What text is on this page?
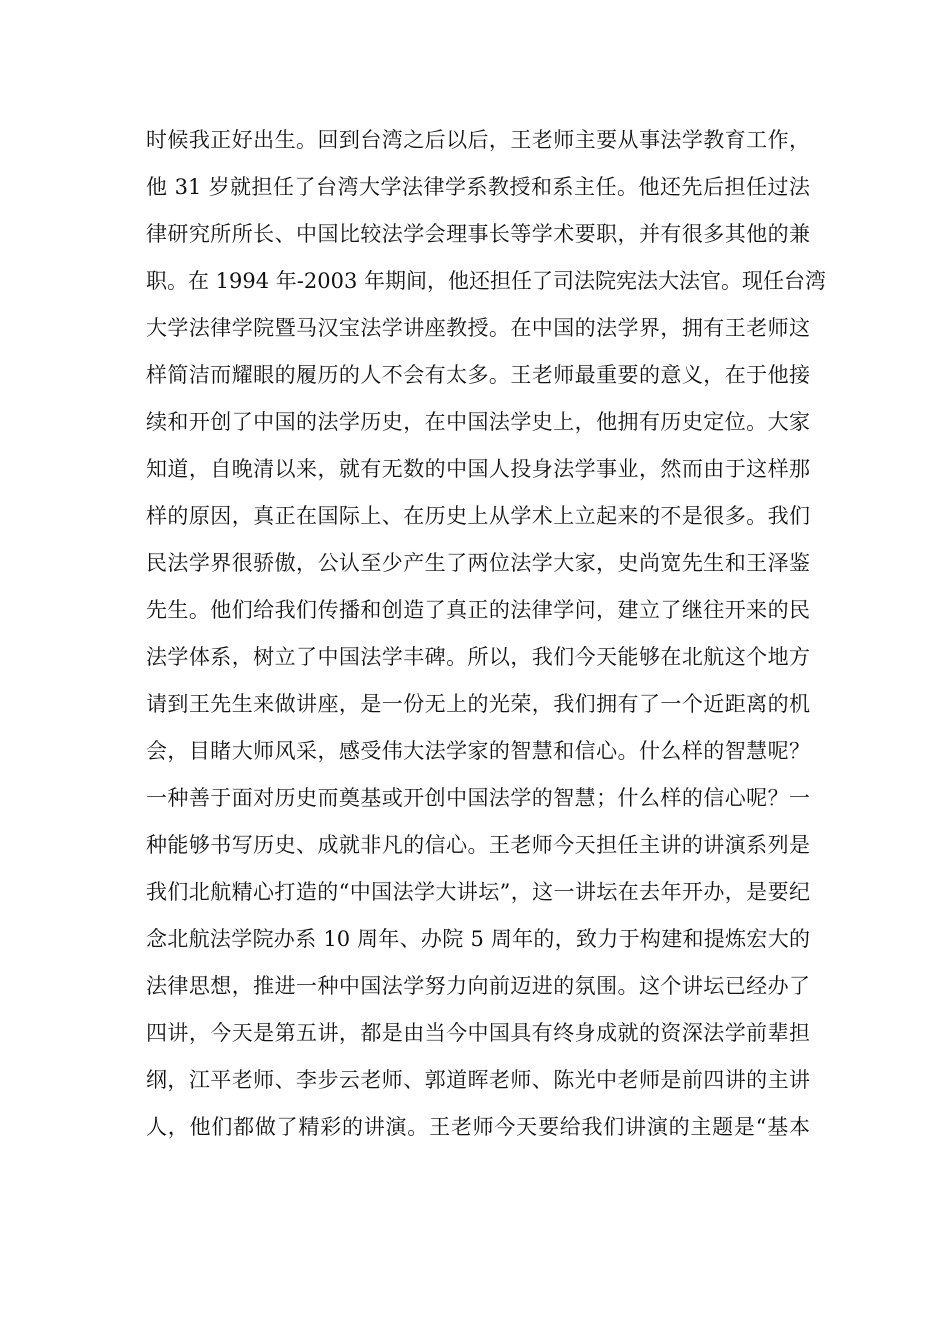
时候我正好出生。回到台湾之后以后，王老师主要从事法学教育工作，
他 31 岁就担任了台湾大学法律学系教授和系主任。他还先后担任过法
律研究所所长、中国比较法学会理事长等学术要职，并有很多其他的兼
职。在 1994 年-2003 年期间，他还担任了司法院宪法大法官。现任台湾
大学法律学院暨马汉宝法学讲座教授。在中国的法学界，拥有王老师这
样简洁而耀眼的履历的人不会有太多。王老师最重要的意义，在于他接
续和开创了中国的法学历史，在中国法学史上，他拥有历史定位。大家
知道，自晚清以来，就有无数的中国人投身法学事业，然而由于这样那
样的原因，真正在国际上、在历史上从学术上立起来的不是很多。我们
民法学界很骄傲，公认至少产生了两位法学大家，史尚宽先生和王泽鉴
先生。他们给我们传播和创造了真正的法律学问，建立了继往开来的民
法学体系，树立了中国法学丰碑。所以，我们今天能够在北航这个地方
请到王先生来做讲座，是一份无上的光荣，我们拥有了一个近距离的机
会，目睹大师风采，感受伟大法学家的智慧和信心。什么样的智慧呢？
一种善于面对历史而奠基或开创中国法学的智慧；什么样的信心呢？一
种能够书写历史、成就非凡的信心。王老师今天担任主讲的讲演系列是
我们北航精心打造的“中国法学大讲坛”，这一讲坛在去年开办，是要纪
念北航法学院办系 10 周年、办院 5 周年的，致力于构建和提炼宏大的
法律思想，推进一种中国法学努力向前迈进的氛围。这个讲坛已经办了
四讲，今天是第五讲，都是由当今中国具有终身成就的资深法学前辈担
纲，江平老师、李步云老师、郭道晖老师、陈光中老师是前四讲的主讲
人，他们都做了精彩的讲演。王老师今天要给我们讲演的主题是“基本
